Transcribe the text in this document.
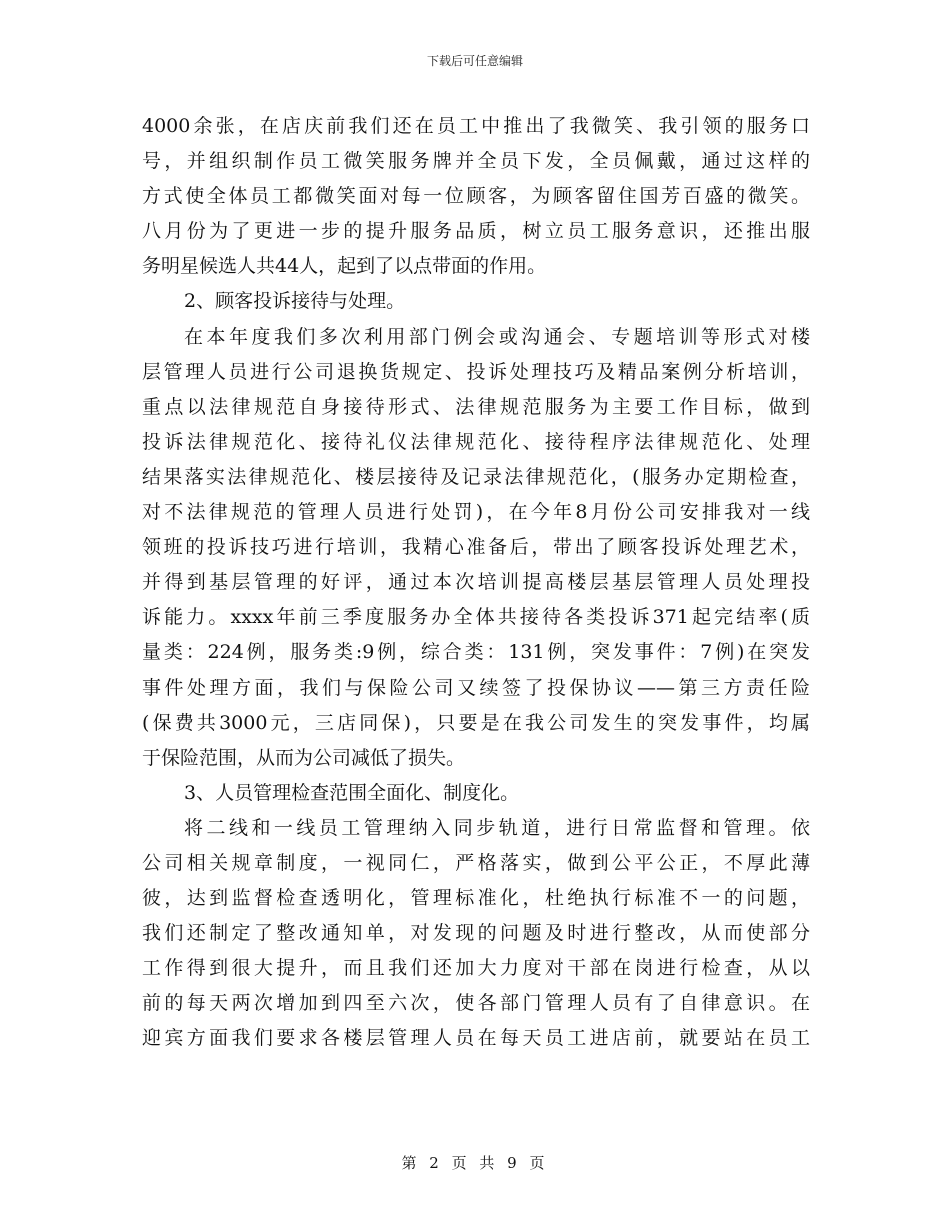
下载后可任意编辑
4000余张，在店庆前我们还在员工中推出了我微笑、我引领的服务口
号，并组织制作员工微笑服务牌并全员下发，全员佩戴，通过这样的
方式使全体员工都微笑面对每一位顾客，为顾客留住国芳百盛的微笑。
八月份为了更进一步的提升服务品质，树立员工服务意识，还推出服
务明星候选人共44人，起到了以点带面的作用。
2、顾客投诉接待与处理。
在本年度我们多次利用部门例会或沟通会、专题培训等形式对楼
层管理人员进行公司退换货规定、投诉处理技巧及精品案例分析培训，
重点以法律规范自身接待形式、法律规范服务为主要工作目标，做到
投诉法律规范化、接待礼仪法律规范化、接待程序法律规范化、处理
结果落实法律规范化、楼层接待及记录法律规范化，(服务办定期检查，
对不法律规范的管理人员进行处罚)，在今年8月份公司安排我对一线
领班的投诉技巧进行培训，我精心准备后，带出了顾客投诉处理艺术，
并得到基层管理的好评，通过本次培训提高楼层基层管理人员处理投
诉能力。xxxx年前三季度服务办全体共接待各类投诉371起完结率(质
量类：224例，服务类:9例，综合类：131例，突发事件：7例)在突发
事件处理方面，我们与保险公司又续签了投保协议——第三方责任险
(保费共3000元，三店同保)，只要是在我公司发生的突发事件，均属
于保险范围，从而为公司减低了损失。
3、人员管理检查范围全面化、制度化。
将二线和一线员工管理纳入同步轨道，进行日常监督和管理。依
公司相关规章制度，一视同仁，严格落实，做到公平公正，不厚此薄
彼，达到监督检查透明化，管理标准化，杜绝执行标准不一的问题，
我们还制定了整改通知单，对发现的问题及时进行整改，从而使部分
工作得到很大提升，而且我们还加大力度对干部在岗进行检查，从以
前的每天两次增加到四至六次，使各部门管理人员有了自律意识。在
迎宾方面我们要求各楼层管理人员在每天员工进店前，就要站在员工
第 2 页 共 9 页
